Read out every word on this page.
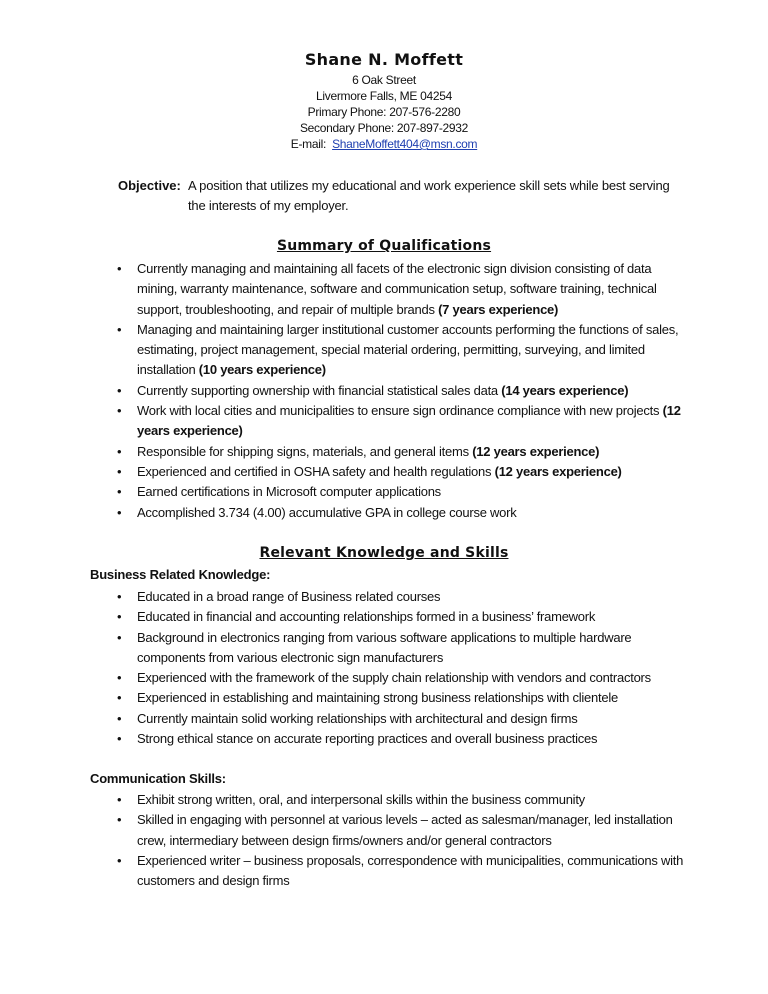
Shane N. Moffett
6 Oak Street
Livermore Falls, ME 04254
Primary Phone: 207-576-2280
Secondary Phone: 207-897-2932
E-mail:  ShaneMoffett404@msn.com
Objective: A position that utilizes my educational and work experience skill sets while best serving the interests of my employer.
Summary of Qualifications
• Currently managing and maintaining all facets of the electronic sign division consisting of data mining, warranty maintenance, software and communication setup, software training, technical support, troubleshooting, and repair of multiple brands (7 years experience)
• Managing and maintaining larger institutional customer accounts performing the functions of sales, estimating, project management, special material ordering, permitting, surveying, and limited installation (10 years experience)
• Currently supporting ownership with financial statistical sales data (14 years experience)
• Work with local cities and municipalities to ensure sign ordinance compliance with new projects (12 years experience)
• Responsible for shipping signs, materials, and general items (12 years experience)
• Experienced and certified in OSHA safety and health regulations (12 years experience)
• Earned certifications in Microsoft computer applications
• Accomplished 3.734 (4.00) accumulative GPA in college course work
Relevant Knowledge and Skills
Business Related Knowledge:
• Educated in a broad range of Business related courses
• Educated in financial and accounting relationships formed in a business’ framework
• Background in electronics ranging from various software applications to multiple hardware components from various electronic sign manufacturers
• Experienced with the framework of the supply chain relationship with vendors and contractors
• Experienced in establishing and maintaining strong business relationships with clientele
• Currently maintain solid working relationships with architectural and design firms
• Strong ethical stance on accurate reporting practices and overall business practices
Communication Skills:
• Exhibit strong written, oral, and interpersonal skills within the business community
• Skilled in engaging with personnel at various levels – acted as salesman/manager, led installation crew, intermediary between design firms/owners and/or general contractors
• Experienced writer – business proposals, correspondence with municipalities, communications with customers and design firms
